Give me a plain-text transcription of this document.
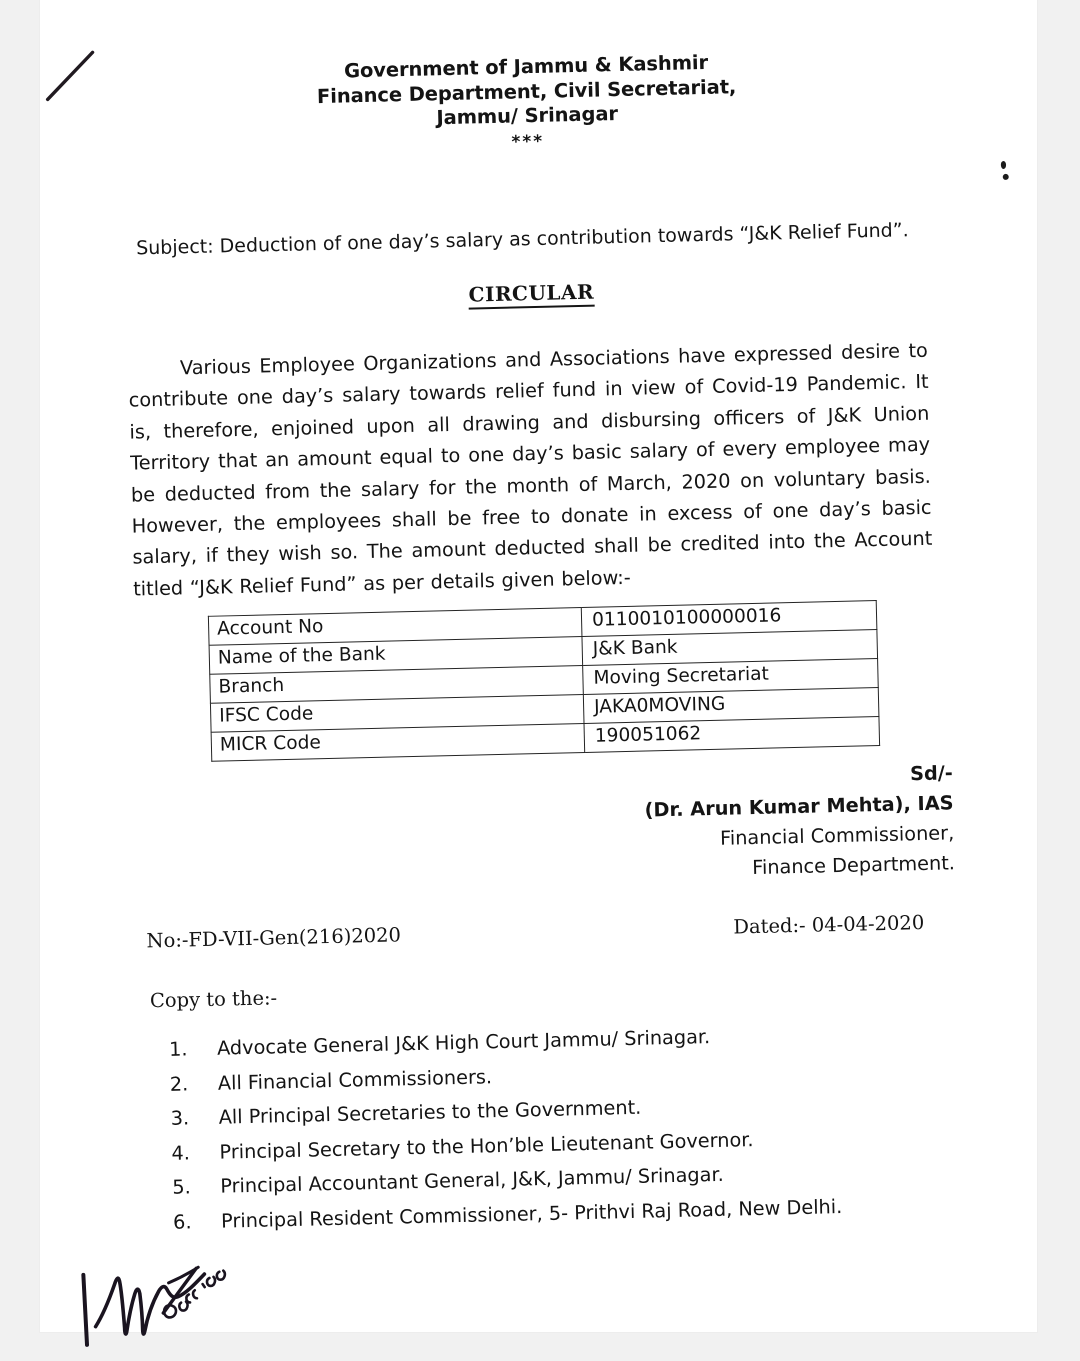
Government of Jammu & Kashmir
Finance Department, Civil Secretariat,
Jammu/ Srinagar
***
Subject: Deduction of one day’s salary as contribution towards “J&K Relief Fund”.
CIRCULAR
Various Employee Organizations and Associations have expressed desire to contribute one day’s salary towards relief fund in view of Covid-19 Pandemic. It is, therefore, enjoined upon all drawing and disbursing officers of J&K Union Territory that an amount equal to one day’s basic salary of every employee may be deducted from the salary for the month of March, 2020 on voluntary basis. However, the employees shall be free to donate in excess of one day’s basic salary, if they wish so. The amount deducted shall be credited into the Account titled “J&K Relief Fund” as per details given below:-
Account No	0110010100000016
Name of the Bank	J&K Bank
Branch	Moving Secretariat
IFSC Code	JAKA0MOVING
MICR Code	190051062
Sd/-
(Dr. Arun Kumar Mehta), IAS
Financial Commissioner,
Finance Department.
No:-FD-VII-Gen(216)2020	Dated:- 04-04-2020
Copy to the:-
1.	Advocate General J&K High Court Jammu/ Srinagar.
2.	All Financial Commissioners.
3.	All Principal Secretaries to the Government.
4.	Principal Secretary to the Hon’ble Lieutenant Governor.
5.	Principal Accountant General, J&K, Jammu/ Srinagar.
6.	Principal Resident Commissioner, 5- Prithvi Raj Road, New Delhi.
